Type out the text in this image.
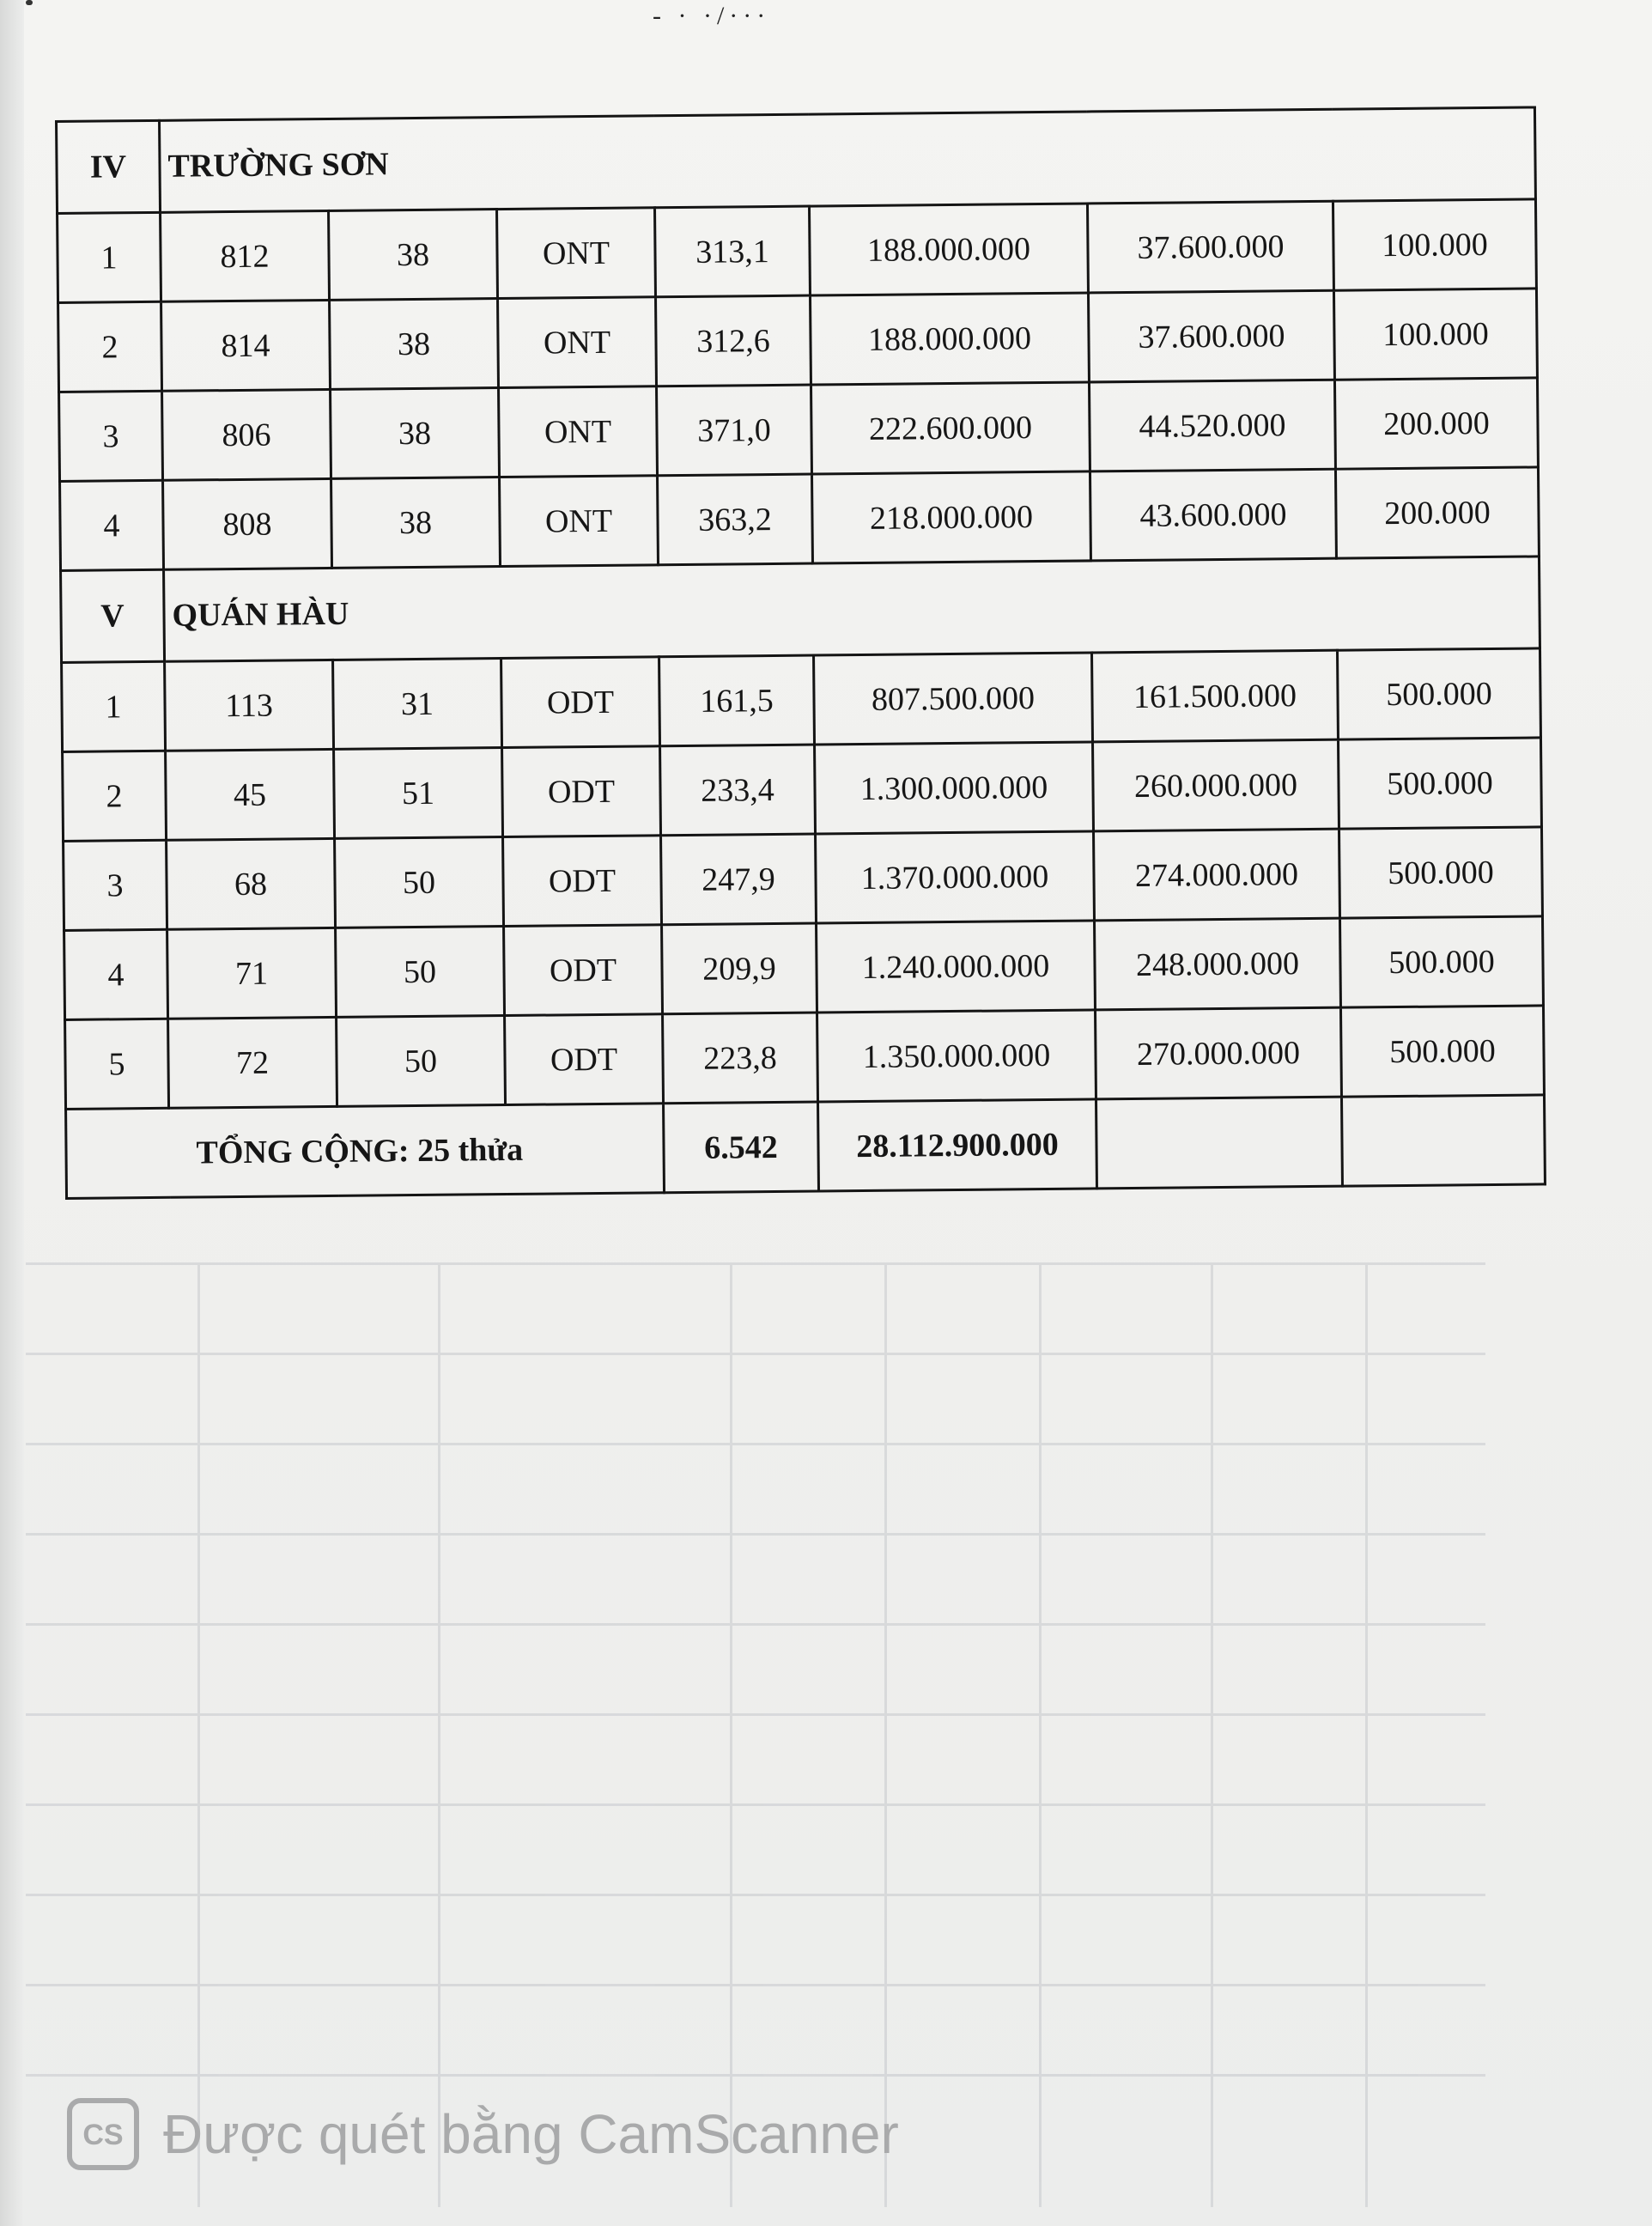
- · ·/···
IV	TRƯỜNG SƠN						
1	812	38	ONT	313,1	188.000.000	37.600.000	100.000
2	814	38	ONT	312,6	188.000.000	37.600.000	100.000
3	806	38	ONT	371,0	222.600.000	44.520.000	200.000
4	808	38	ONT	363,2	218.000.000	43.600.000	200.000
V	QUÁN HÀU						
1	113	31	ODT	161,5	807.500.000	161.500.000	500.000
2	45	51	ODT	233,4	1.300.000.000	260.000.000	500.000
3	68	50	ODT	247,9	1.370.000.000	274.000.000	500.000
4	71	50	ODT	209,9	1.240.000.000	248.000.000	500.000
5	72	50	ODT	223,8	1.350.000.000	270.000.000	500.000
TỔNG CỘNG: 25 thửa				6.542	28.112.900.000		
CS Được quét bằng CamScanner
